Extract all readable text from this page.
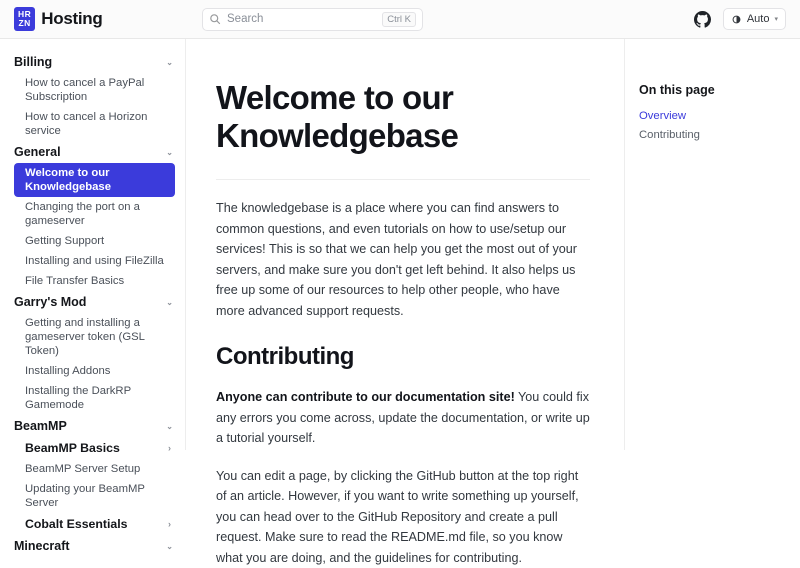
HR
ZN Hosting	Search	Ctrl K	Auto ▾
Billing	⌄
How to cancel a PayPal Subscription
How to cancel a Horizon service
General	⌄
Welcome to our Knowledgebase
Changing the port on a gameserver
Getting Support
Installing and using FileZilla
File Transfer Basics
Garry's Mod	⌄
Getting and installing a gameserver token (GSL Token)
Installing Addons
Installing the DarkRP Gamemode
BeamMP	⌄
BeamMP Basics	›
BeamMP Server Setup
Updating your BeamMP Server
Cobalt Essentials	›
Minecraft	⌄
Welcome to our Knowledgebase

The knowledgebase is a place where you can find answers to common questions, and even tutorials on how to use/setup our services! This is so that we can help you get the most out of your servers, and make sure you don't get left behind. It also helps us free up some of our resources to help other people, who have more advanced support requests.

Contributing

Anyone can contribute to our documentation site! You could fix any errors you come across, update the documentation, or write up a tutorial yourself.

You can edit a page, by clicking the GitHub button at the top right of an article. However, if you want to write something up yourself, you can head over to the GitHub Repository and create a pull request. Make sure to read the README.md file, so you know what you are doing, and the guidelines for contributing.

On this page
Overview
Contributing
